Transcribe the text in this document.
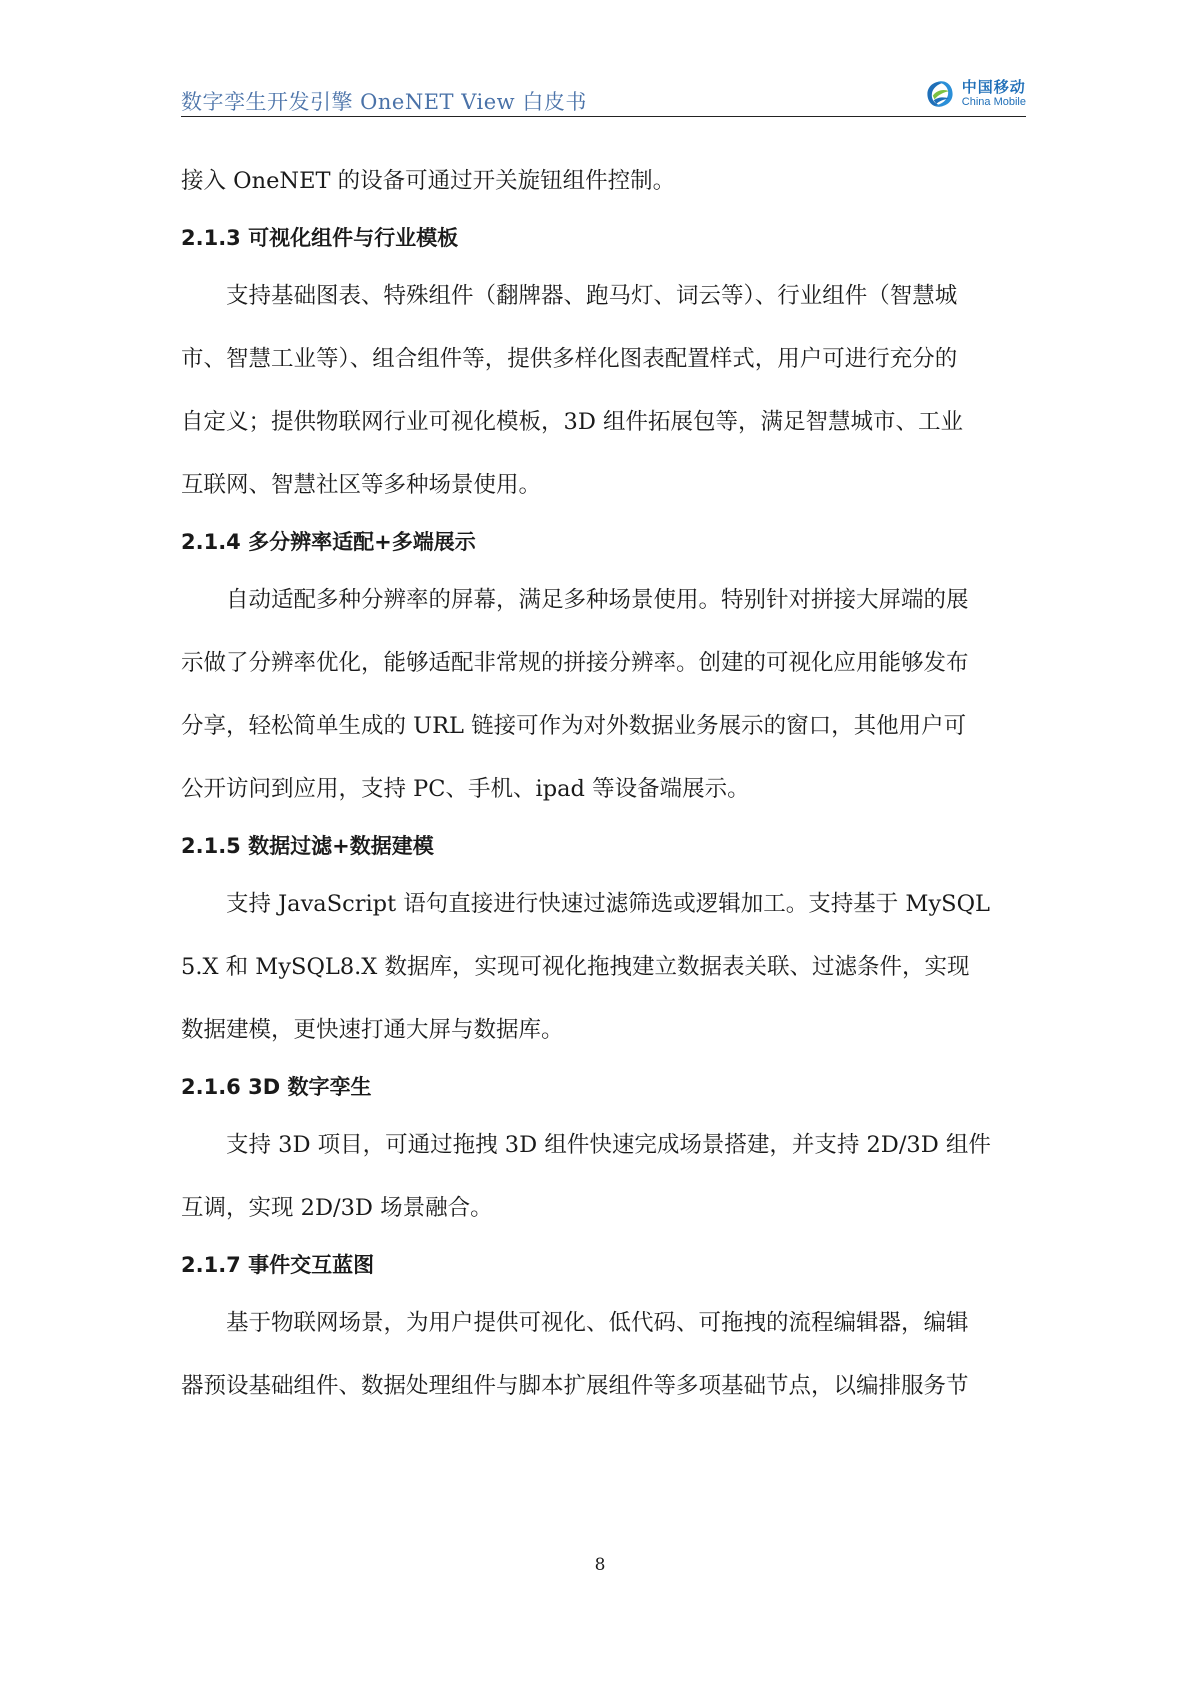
数字孪生开发引擎 OneNET View 白皮书
中国移动
China Mobile

接入 OneNET 的设备可通过开关旋钮组件控制。

2.1.3 可视化组件与行业模板

支持基础图表、特殊组件（翻牌器、跑马灯、词云等）、行业组件（智慧城

市、智慧工业等）、组合组件等，提供多样化图表配置样式，用户可进行充分的

自定义；提供物联网行业可视化模板，3D 组件拓展包等，满足智慧城市、工业

互联网、智慧社区等多种场景使用。

2.1.4 多分辨率适配+多端展示

自动适配多种分辨率的屏幕，满足多种场景使用。特别针对拼接大屏端的展

示做了分辨率优化，能够适配非常规的拼接分辨率。创建的可视化应用能够发布

分享，轻松简单生成的 URL 链接可作为对外数据业务展示的窗口，其他用户可

公开访问到应用，支持 PC、手机、ipad 等设备端展示。

2.1.5 数据过滤+数据建模

支持 JavaScript 语句直接进行快速过滤筛选或逻辑加工。支持基于 MySQL

5.X 和 MySQL8.X 数据库，实现可视化拖拽建立数据表关联、过滤条件，实现

数据建模，更快速打通大屏与数据库。

2.1.6 3D 数字孪生

支持 3D 项目，可通过拖拽 3D 组件快速完成场景搭建，并支持 2D/3D 组件

互调，实现 2D/3D 场景融合。

2.1.7 事件交互蓝图

基于物联网场景，为用户提供可视化、低代码、可拖拽的流程编辑器，编辑

器预设基础组件、数据处理组件与脚本扩展组件等多项基础节点，以编排服务节

8
